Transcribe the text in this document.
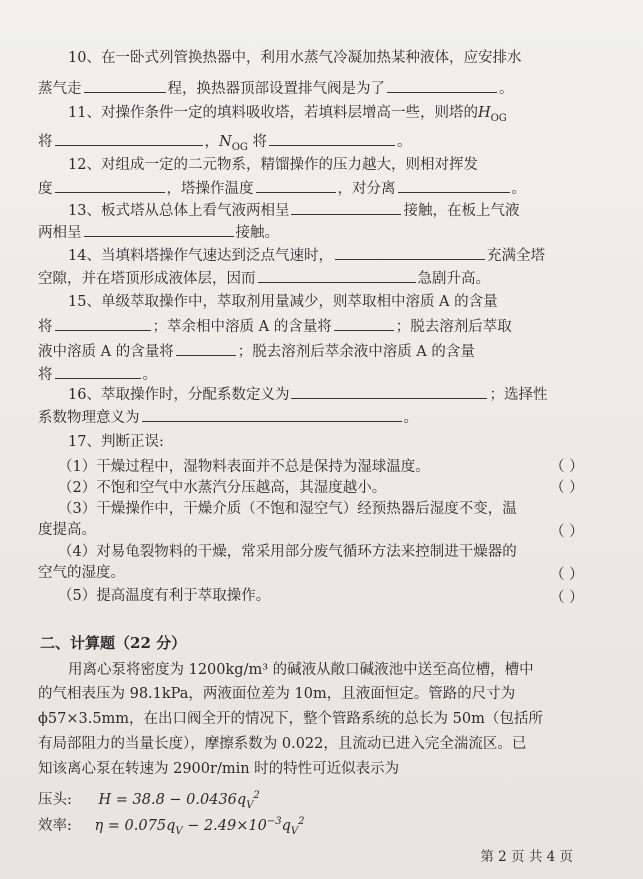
10、在一卧式列管换热器中，利用水蒸气冷凝加热某种液体，应安排水
蒸气走	程，换热器顶部设置排气阀是为了	。
11、对操作条件一定的填料吸收塔，若填料层增高一些，则塔的$H_{OG}$
将	，$N_{OG}$ 将	。
12、对组成一定的二元物系，精馏操作的压力越大，则相对挥发
度	，塔操作温度	，对分离	。
13、板式塔从总体上看气液两相呈	接触，在板上气液
两相呈	接触。
14、当填料塔操作气速达到泛点气速时，	充满全塔
空隙，并在塔顶形成液体层，因而	急剧升高。
15、单级萃取操作中，萃取剂用量减少，则萃取相中溶质 A 的含量
将	；萃余相中溶质 A 的含量将	；脱去溶剂后萃取
液中溶质 A 的含量将	；脱去溶剂后萃余液中溶质 A 的含量
将	。
16、萃取操作时，分配系数定义为	；选择性
系数物理意义为	。
17、判断正误:
（1）干燥过程中，湿物料表面并不总是保持为湿球温度。	（ ）
（2）不饱和空气中水蒸汽分压越高，其湿度越小。	（ ）
（3）干燥操作中，干燥介质（不饱和湿空气）经预热器后湿度不变，温
度提高。	（ ）
（4）对易龟裂物料的干燥，常采用部分废气循环方法来控制进干燥器的
空气的湿度。	（ ）
（5）提高温度有利于萃取操作。	（ ）
二、计算题（22 分）
用离心泵将密度为 1200kg/m³ 的碱液从敞口碱液池中送至高位槽，槽中
的气相表压为 98.1kPa，两液面位差为 10m，且液面恒定。管路的尺寸为
ϕ57×3.5mm，在出口阀全开的情况下，整个管路系统的总长为 50m（包括所
有局部阻力的当量长度），摩擦系数为 0.022，且流动已进入完全湍流区。已
知该离心泵在转速为 2900r/min 时的特性可近似表示为
压头: $H = 38.8 - 0.0436q_V^2$
效率: $\eta = 0.075q_V - 2.49\times 10^{-3}q_V^2$
第 2 页 共 4 页
